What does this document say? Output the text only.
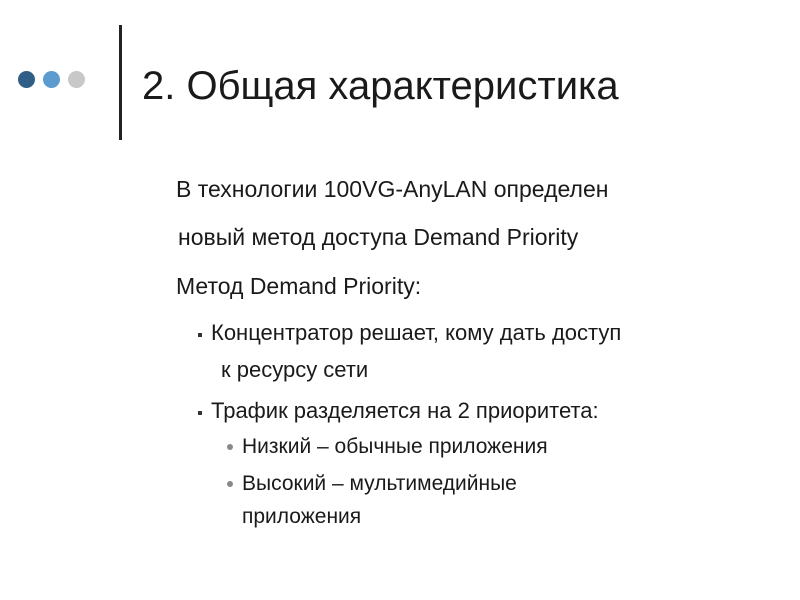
2. Общая характеристика
В технологии 100VG-AnyLAN определен
новый метод доступа Demand Priority
Метод Demand Priority:
Концентратор решает, кому дать доступ
к ресурсу сети
Трафик разделяется на 2 приоритета:
Низкий – обычные приложения
Высокий – мультимедийные
приложения
